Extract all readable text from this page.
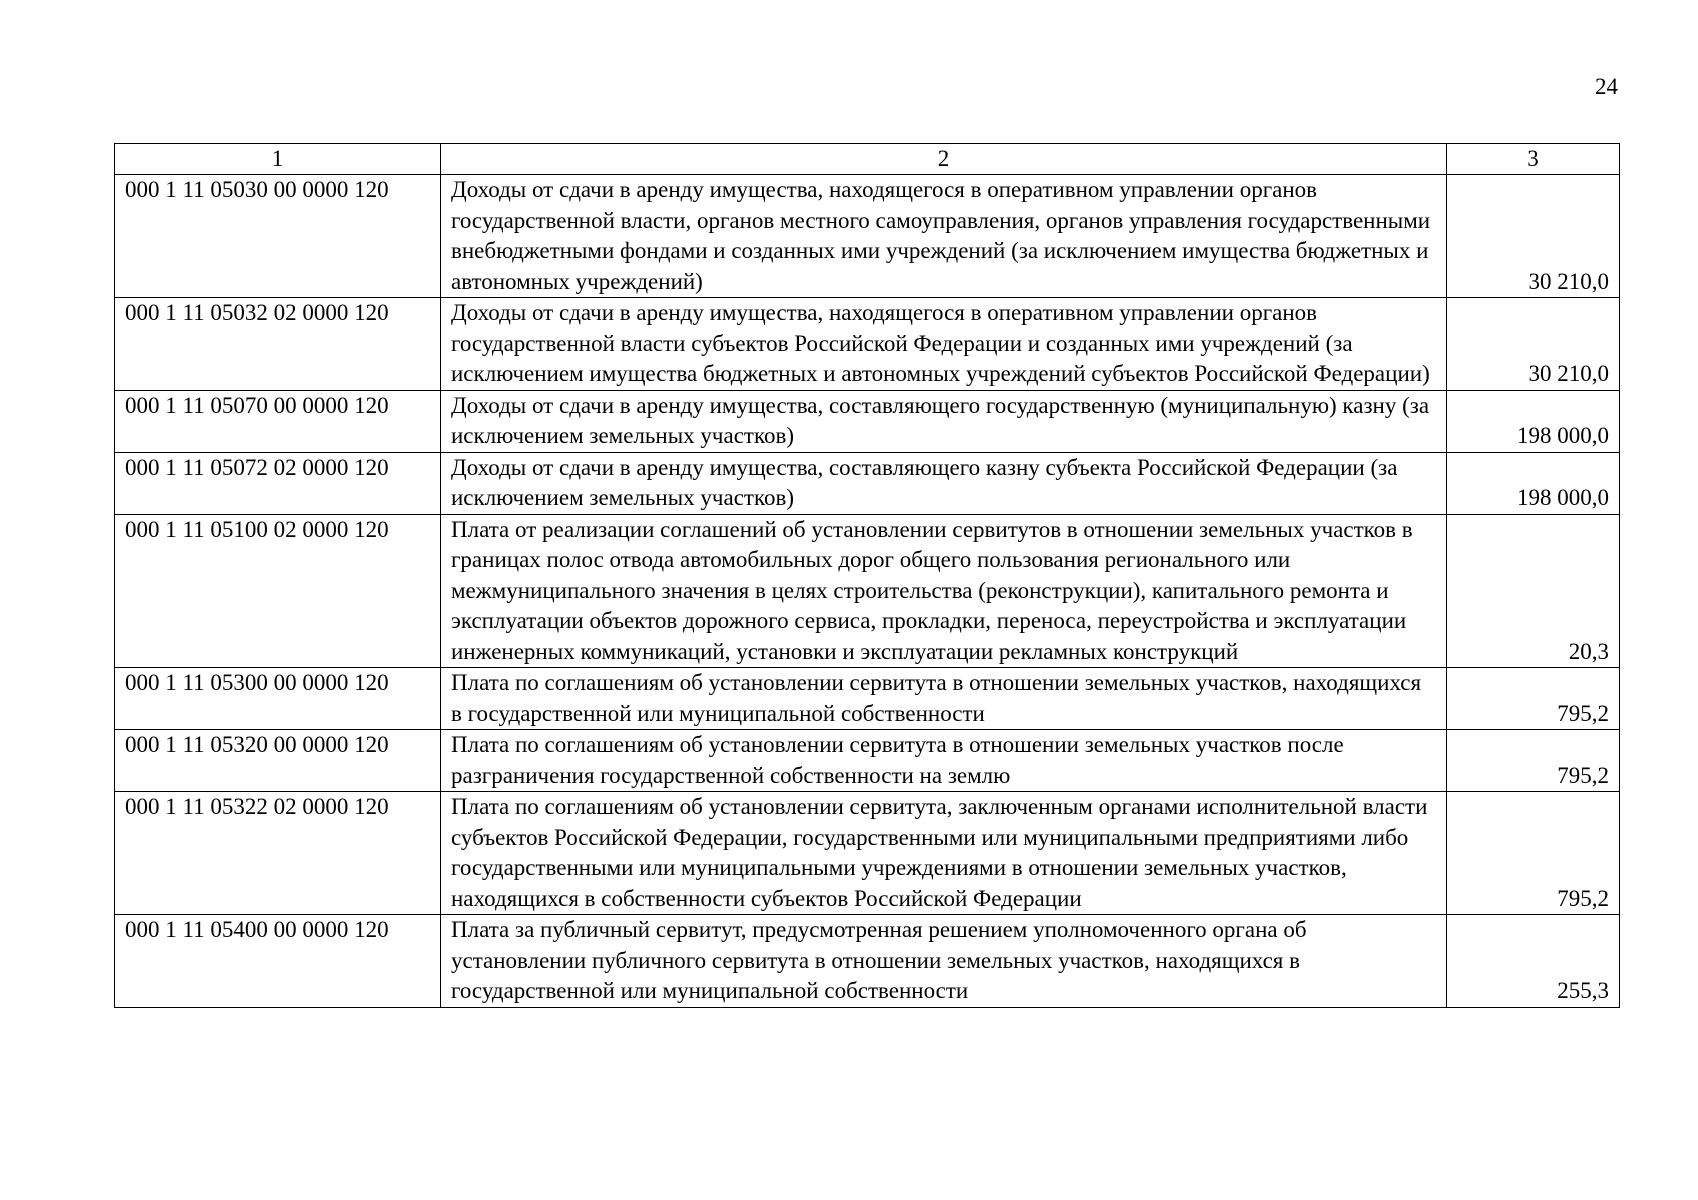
24
1	2	3
000 1 11 05030 00 0000 120	Доходы от сдачи в аренду имущества, находящегося в оперативном управлении органов государственной власти, органов местного самоуправления, органов управления государственными внебюджетными фондами и созданных ими учреждений (за исключением имущества бюджетных и автономных учреждений)	30 210,0
000 1 11 05032 02 0000 120	Доходы от сдачи в аренду имущества, находящегося в оперативном управлении органов государственной власти субъектов Российской Федерации и созданных ими учреждений (за исключением имущества бюджетных и автономных учреждений субъектов Российской Федерации)	30 210,0
000 1 11 05070 00 0000 120	Доходы от сдачи в аренду имущества, составляющего государственную (муниципальную) казну (за исключением земельных участков)	198 000,0
000 1 11 05072 02 0000 120	Доходы от сдачи в аренду имущества, составляющего казну субъекта Российской Федерации (за исключением земельных участков)	198 000,0
000 1 11 05100 02 0000 120	Плата от реализации соглашений об установлении сервитутов в отношении земельных участков в границах полос отвода автомобильных дорог общего пользования регионального или межмуниципального значения в целях строительства (реконструкции), капитального ремонта и эксплуатации объектов дорожного сервиса, прокладки, переноса, переустройства и эксплуатации инженерных коммуникаций, установки и эксплуатации рекламных конструкций	20,3
000 1 11 05300 00 0000 120	Плата по соглашениям об установлении сервитута в отношении земельных участков, находящихся в государственной или муниципальной собственности	795,2
000 1 11 05320 00 0000 120	Плата по соглашениям об установлении сервитута в отношении земельных участков после разграничения государственной собственности на землю	795,2
000 1 11 05322 02 0000 120	Плата по соглашениям об установлении сервитута, заключенным органами исполнительной власти субъектов Российской Федерации, государственными или муниципальными предприятиями либо государственными или муниципальными учреждениями в отношении земельных участков, находящихся в собственности субъектов Российской Федерации	795,2
000 1 11 05400 00 0000 120	Плата за публичный сервитут, предусмотренная решением уполномоченного органа об установлении публичного сервитута в отношении земельных участков, находящихся в государственной или муниципальной собственности	255,3
